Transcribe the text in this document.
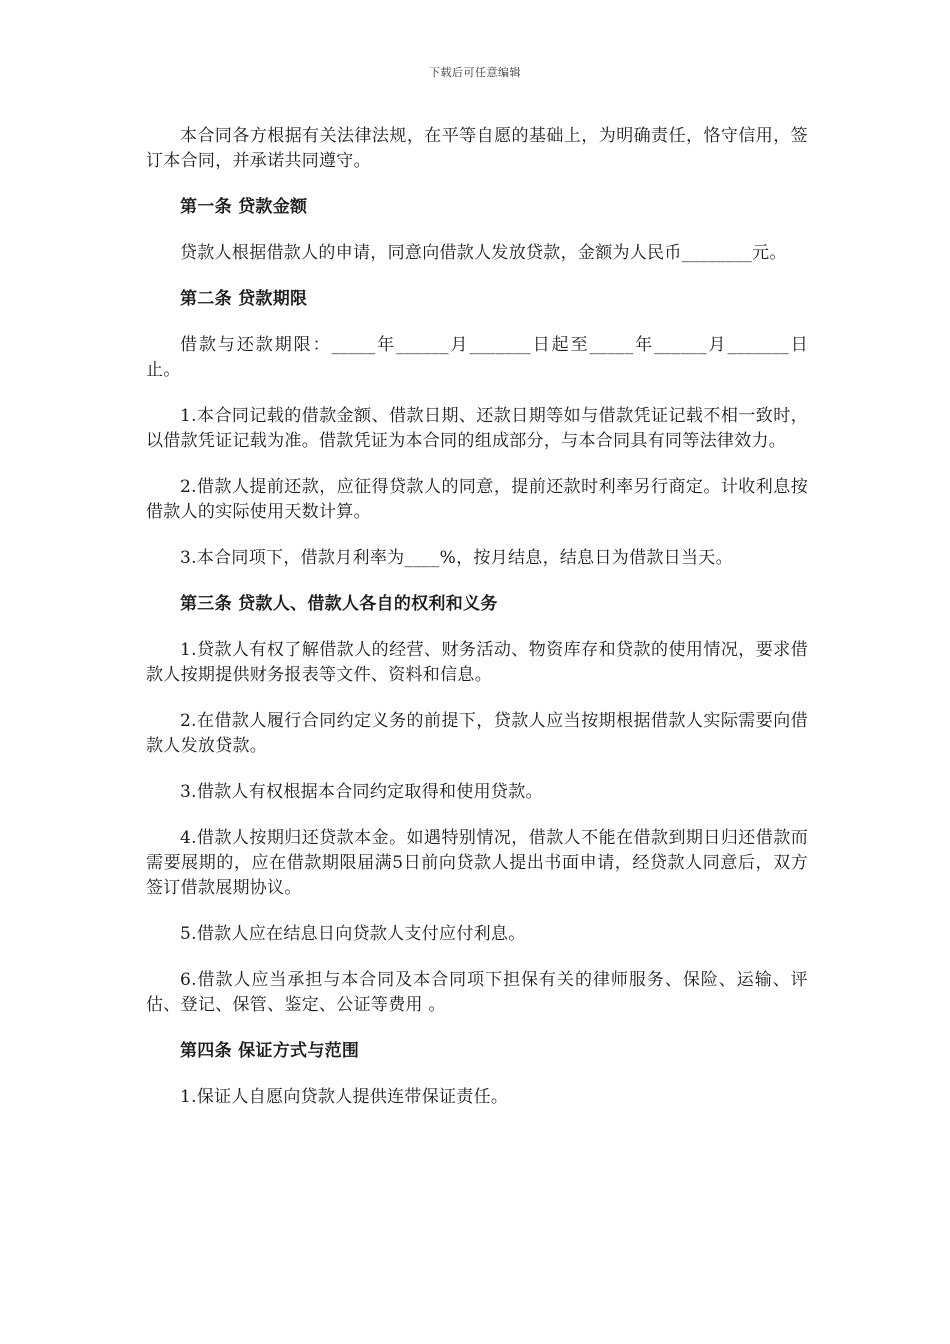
下载后可任意编辑

本合同各方根据有关法律法规，在平等自愿的基础上，为明确责任，恪守信用，签订本合同，并承诺共同遵守。

第一条 贷款金额

贷款人根据借款人的申请，同意向借款人发放贷款，金额为人民币________元。

第二条 贷款期限

借款与还款期限：_____年______月_______日起至_____年______月_______日止。

1.本合同记载的借款金额、借款日期、还款日期等如与借款凭证记载不相一致时，以借款凭证记载为准。借款凭证为本合同的组成部分，与本合同具有同等法律效力。

2.借款人提前还款，应征得贷款人的同意，提前还款时利率另行商定。计收利息按借款人的实际使用天数计算。

3.本合同项下，借款月利率为____%，按月结息，结息日为借款日当天。

第三条 贷款人、借款人各自的权利和义务

1.贷款人有权了解借款人的经营、财务活动、物资库存和贷款的使用情况，要求借款人按期提供财务报表等文件、资料和信息。

2.在借款人履行合同约定义务的前提下，贷款人应当按期根据借款人实际需要向借款人发放贷款。

3.借款人有权根据本合同约定取得和使用贷款。

4.借款人按期归还贷款本金。如遇特别情况，借款人不能在借款到期日归还借款而需要展期的，应在借款期限届满5日前向贷款人提出书面申请，经贷款人同意后，双方签订借款展期协议。

5.借款人应在结息日向贷款人支付应付利息。

6.借款人应当承担与本合同及本合同项下担保有关的律师服务、保险、运输、评估、登记、保管、鉴定、公证等费用 。

第四条 保证方式与范围

1.保证人自愿向贷款人提供连带保证责任。
